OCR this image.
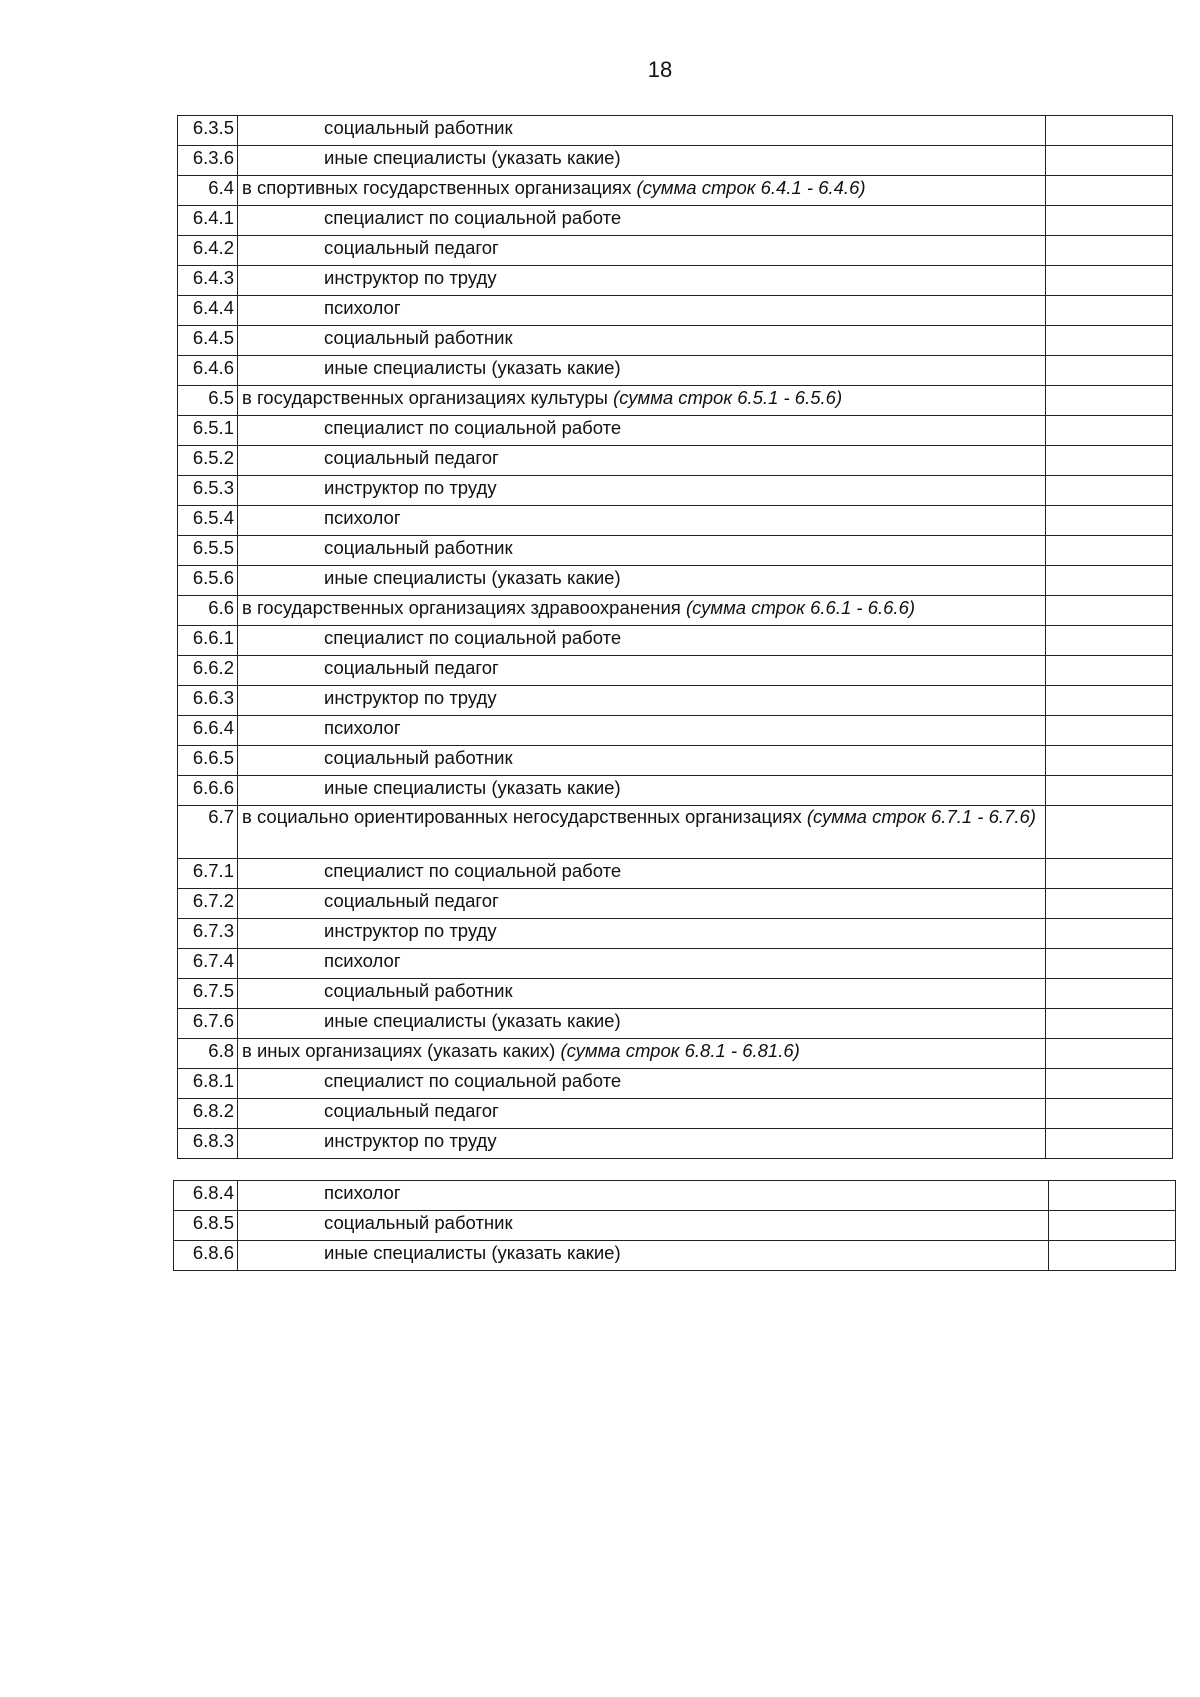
18
6.3.5	социальный работник	
6.3.6	иные специалисты (указать какие)	
6.4	в спортивных государственных организациях (сумма строк 6.4.1 - 6.4.6)	
6.4.1	специалист по социальной работе	
6.4.2	социальный педагог	
6.4.3	инструктор по труду	
6.4.4	психолог	
6.4.5	социальный работник	
6.4.6	иные специалисты (указать какие)	
6.5	в государственных организациях культуры (сумма строк 6.5.1 - 6.5.6)	
6.5.1	специалист по социальной работе	
6.5.2	социальный педагог	
6.5.3	инструктор по труду	
6.5.4	психолог	
6.5.5	социальный работник	
6.5.6	иные специалисты (указать какие)	
6.6	в государственных организациях здравоохранения (сумма строк 6.6.1 - 6.6.6)	
6.6.1	специалист по социальной работе	
6.6.2	социальный педагог	
6.6.3	инструктор по труду	
6.6.4	психолог	
6.6.5	социальный работник	
6.6.6	иные специалисты (указать какие)	
6.7	в социально ориентированных негосударственных организациях (сумма строк 6.7.1 - 6.7.6)	
6.7.1	специалист по социальной работе	
6.7.2	социальный педагог	
6.7.3	инструктор по труду	
6.7.4	психолог	
6.7.5	социальный работник	
6.7.6	иные специалисты (указать какие)	
6.8	в иных организациях (указать каких) (сумма строк 6.8.1 - 6.81.6)	
6.8.1	специалист по социальной работе	
6.8.2	социальный педагог	
6.8.3	инструктор по труду	
6.8.4	психолог	
6.8.5	социальный работник	
6.8.6	иные специалисты (указать какие)	
